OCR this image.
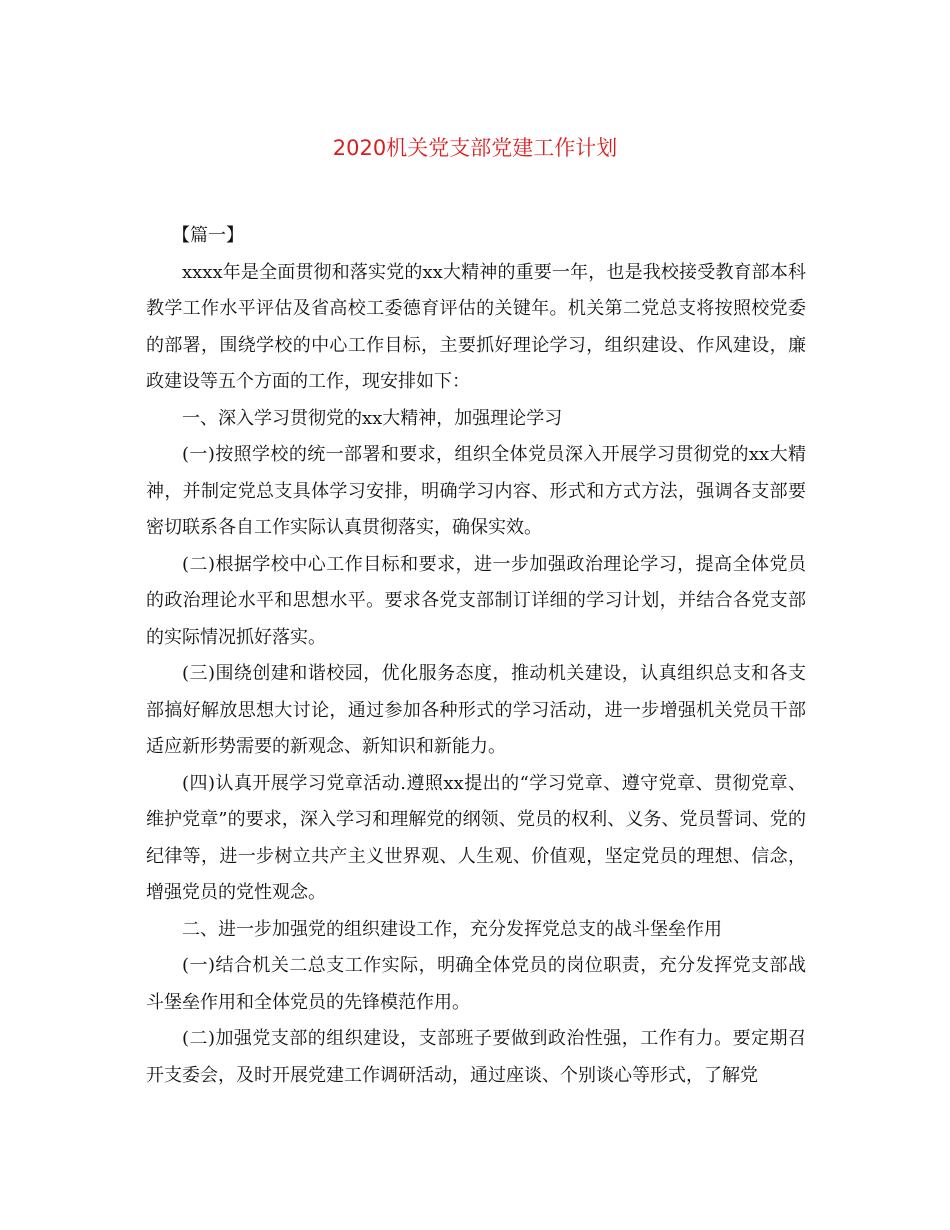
2020机关党支部党建工作计划

【篇一】

xxxx年是全面贯彻和落实党的xx大精神的重要一年，也是我校接受教育部本科教学工作水平评估及省高校工委德育评估的关键年。机关第二党总支将按照校党委的部署，围绕学校的中心工作目标，主要抓好理论学习，组织建设、作风建设，廉政建设等五个方面的工作，现安排如下：

一、深入学习贯彻党的xx大精神，加强理论学习

(一)按照学校的统一部署和要求，组织全体党员深入开展学习贯彻党的xx大精神，并制定党总支具体学习安排，明确学习内容、形式和方式方法，强调各支部要密切联系各自工作实际认真贯彻落实，确保实效。

(二)根据学校中心工作目标和要求，进一步加强政治理论学习，提高全体党员的政治理论水平和思想水平。要求各党支部制订详细的学习计划，并结合各党支部的实际情况抓好落实。

(三)围绕创建和谐校园，优化服务态度，推动机关建设，认真组织总支和各支部搞好解放思想大讨论，通过参加各种形式的学习活动，进一步增强机关党员干部适应新形势需要的新观念、新知识和新能力。

(四)认真开展学习党章活动.遵照xx提出的“学习党章、遵守党章、贯彻党章、维护党章”的要求，深入学习和理解党的纲领、党员的权利、义务、党员誓词、党的纪律等，进一步树立共产主义世界观、人生观、价值观，坚定党员的理想、信念，增强党员的党性观念。

二、进一步加强党的组织建设工作，充分发挥党总支的战斗堡垒作用

(一)结合机关二总支工作实际，明确全体党员的岗位职责，充分发挥党支部战斗堡垒作用和全体党员的先锋模范作用。

(二)加强党支部的组织建设，支部班子要做到政治性强，工作有力。要定期召开支委会，及时开展党建工作调研活动，通过座谈、个别谈心等形式，了解党
